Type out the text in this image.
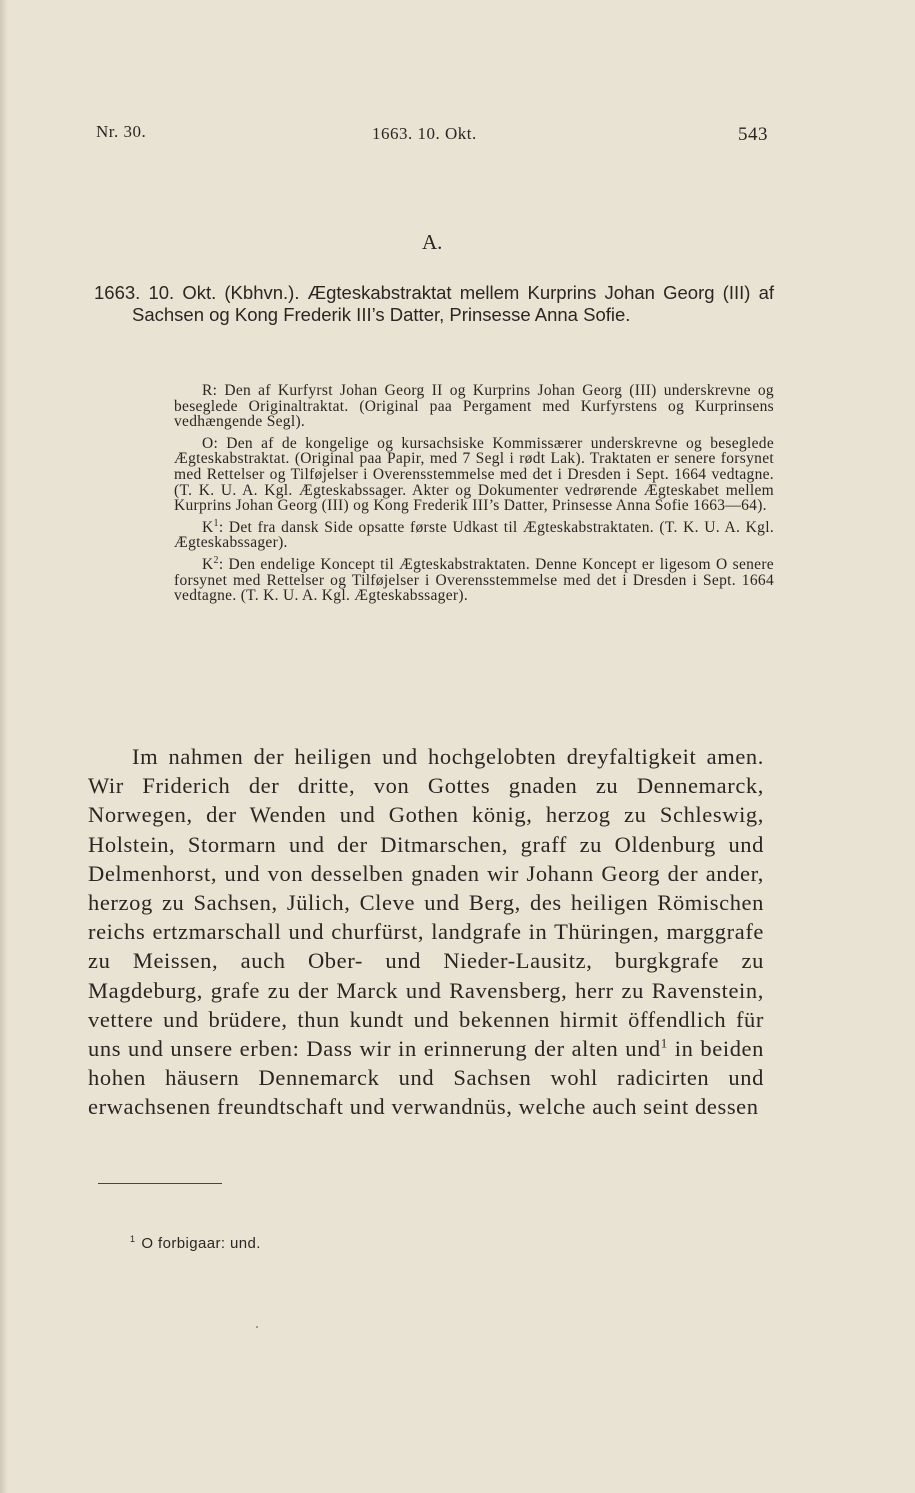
Nr. 30.	1663. 10. Okt.	543
A.
1663. 10. Okt. (Kbhvn.). Ægteskabstraktat mellem Kurprins Johan Georg (III) af Sachsen og Kong Frederik III’s Datter, Prinsesse Anna Sofie.

R: Den af Kurfyrst Johan Georg II og Kurprins Johan Georg (III) underskrevne og beseglede Originaltraktat. (Original paa Pergament med Kurfyrstens og Kurprinsens vedhængende Segl).

O: Den af de kongelige og kursachsiske Kommissærer underskrevne og beseglede Ægteskabstraktat. (Original paa Papir, med 7 Segl i rødt Lak). Traktaten er senere forsynet med Rettelser og Tilføjelser i Overensstemmelse med det i Dresden i Sept. 1664 vedtagne. (T. K. U. A. Kgl. Ægteskabssager. Akter og Dokumenter vedrørende Ægteskabet mellem Kurprins Johan Georg (III) og Kong Frederik III’s Datter, Prinsesse Anna Sofie 1663—64).

$K^1$: Det fra dansk Side opsatte første Udkast til Ægteskabstraktaten. (T. K. U. A. Kgl. Ægteskabssager).

$K^2$: Den endelige Koncept til Ægteskabstraktaten. Denne Koncept er ligesom O senere forsynet med Rettelser og Tilføjelser i Overensstemmelse med det i Dresden i Sept. 1664 vedtagne. (T. K. U. A. Kgl. Ægteskabssager).

Im nahmen der heiligen und hochgelobten dreyfaltigkeit amen. Wir Friderich der dritte, von Gottes gnaden zu Dennemarck, Norwegen, der Wenden und Gothen könig, herzog zu Schleswig, Holstein, Stormarn und der Ditmarschen, graff zu Oldenburg und Delmenhorst, und von desselben gnaden wir Johann Georg der ander, herzog zu Sachsen, Jülich, Cleve und Berg, des heiligen Römischen reichs ertzmarschall und churfürst, landgrafe in Thüringen, marggrafe zu Meissen, auch Ober- und Nieder-Lausitz, burgkgrafe zu Magdeburg, grafe zu der Marck und Ravensberg, herr zu Ravenstein, vettere und brüdere, thun kundt und bekennen hirmit öffendlich für uns und unsere erben: Dass wir in erinnerung der alten und$^1$ in beiden hohen häusern Dennemarck und Sachsen wohl radicirten und erwachsenen freundtschaft und verwandnüs, welche auch seint dessen

$^1$ O forbigaar: und.
